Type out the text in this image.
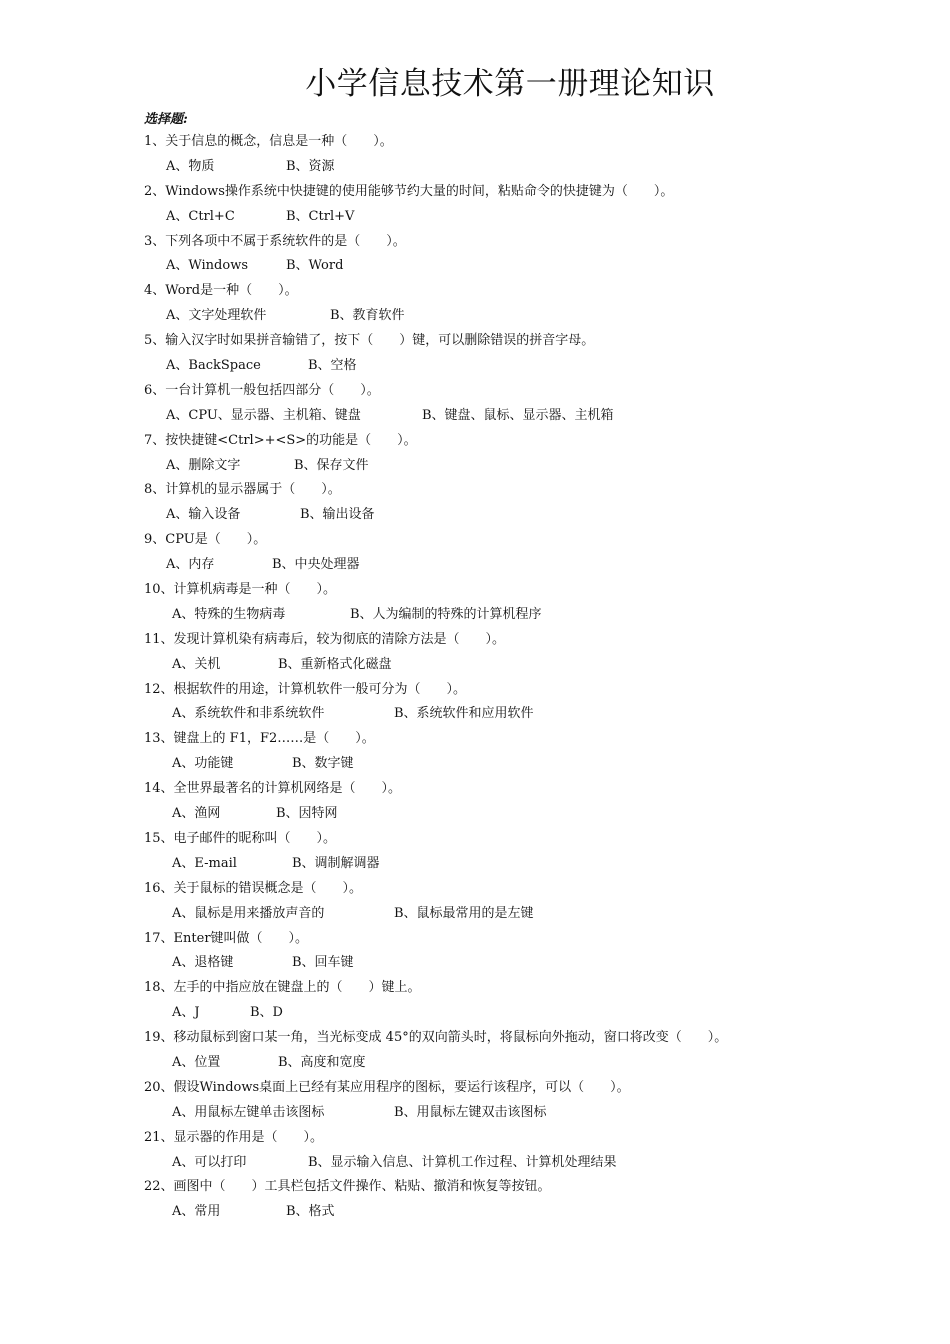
小学信息技术第一册理论知识
选择题:
1、关于信息的概念，信息是一种（　　）。
A、物质	B、资源
2、Windows操作系统中快捷键的使用能够节约大量的时间，粘贴命令的快捷键为（　　）。
A、Ctrl+C	B、Ctrl+V
3、下列各项中不属于系统软件的是（　　）。
A、Windows	B、Word
4、Word是一种（　　）。
A、文字处理软件	B、教育软件
5、输入汉字时如果拼音输错了，按下（　　）键，可以删除错误的拼音字母。
A、BackSpace	B、空格
6、一台计算机一般包括四部分（　　）。
A、CPU、显示器、主机箱、键盘	B、键盘、鼠标、显示器、主机箱
7、按快捷键<Ctrl>+<S>的功能是（　　）。
A、删除文字	B、保存文件
8、计算机的显示器属于（　　）。
A、输入设备	B、输出设备
9、CPU是（　　）。
A、内存	B、中央处理器
10、计算机病毒是一种（　　）。
A、特殊的生物病毒	B、人为编制的特殊的计算机程序
11、发现计算机染有病毒后，较为彻底的清除方法是（　　）。
A、关机	B、重新格式化磁盘
12、根据软件的用途，计算机软件一般可分为（　　）。
A、系统软件和非系统软件	B、系统软件和应用软件
13、键盘上的 F1，F2……是（　　）。
A、功能键	B、数字键
14、全世界最著名的计算机网络是（　　）。
A、渔网	B、因特网
15、电子邮件的昵称叫（　　）。
A、E-mail	B、调制解调器
16、关于鼠标的错误概念是（　　）。
A、鼠标是用来播放声音的	B、鼠标最常用的是左键
17、Enter键叫做（　　）。
A、退格键	B、回车键
18、左手的中指应放在键盘上的（　　）键上。
A、J	B、D
19、移动鼠标到窗口某一角，当光标变成 45°的双向箭头时，将鼠标向外拖动，窗口将改变（　　）。
A、位置	B、高度和宽度
20、假设Windows桌面上已经有某应用程序的图标，要运行该程序，可以（　　）。
A、用鼠标左键单击该图标	B、用鼠标左键双击该图标
21、显示器的作用是（　　）。
A、可以打印	B、显示输入信息、计算机工作过程、计算机处理结果
22、画图中（　　）工具栏包括文件操作、粘贴、撤消和恢复等按钮。
A、常用	B、格式
